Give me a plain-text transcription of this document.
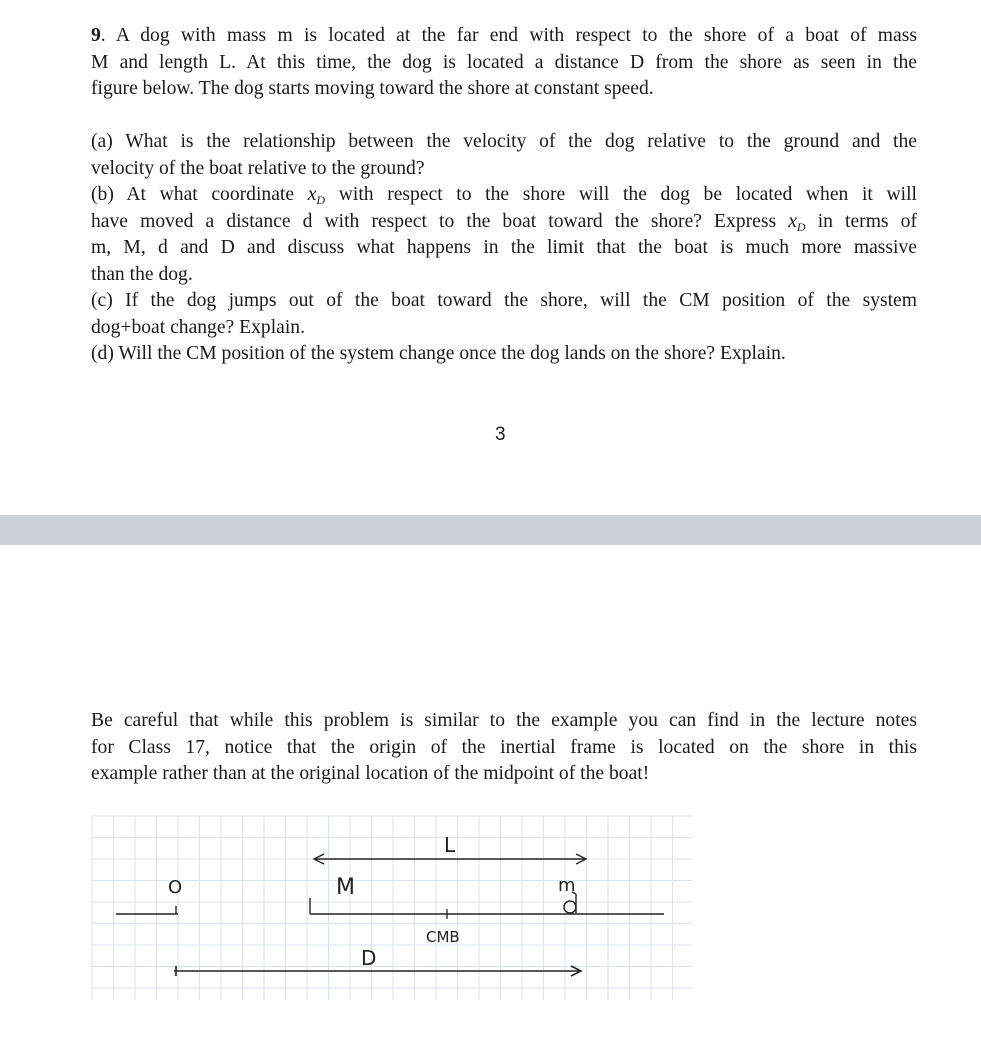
9. A dog with mass m is located at the far end with respect to the shore of a boat of mass
M and length L. At this time, the dog is located a distance D from the shore as seen in the
figure below. The dog starts moving toward the shore at constant speed.

(a) What is the relationship between the velocity of the dog relative to the ground and the
velocity of the boat relative to the ground?
(b) At what coordinate $x_D$ with respect to the shore will the dog be located when it will
have moved a distance d with respect to the boat toward the shore? Express $x_D$ in terms of
m, M, d and D and discuss what happens in the limit that the boat is much more massive
than the dog.
(c) If the dog jumps out of the boat toward the shore, will the CM position of the system
dog+boat change? Explain.
(d) Will the CM position of the system change once the dog lands on the shore? Explain.
3

Be careful that while this problem is similar to the example you can find in the lecture notes
for Class 17, notice that the origin of the inertial frame is located on the shore in this
example rather than at the original location of the midpoint of the boat!

L
O	M
CMB
m
D
